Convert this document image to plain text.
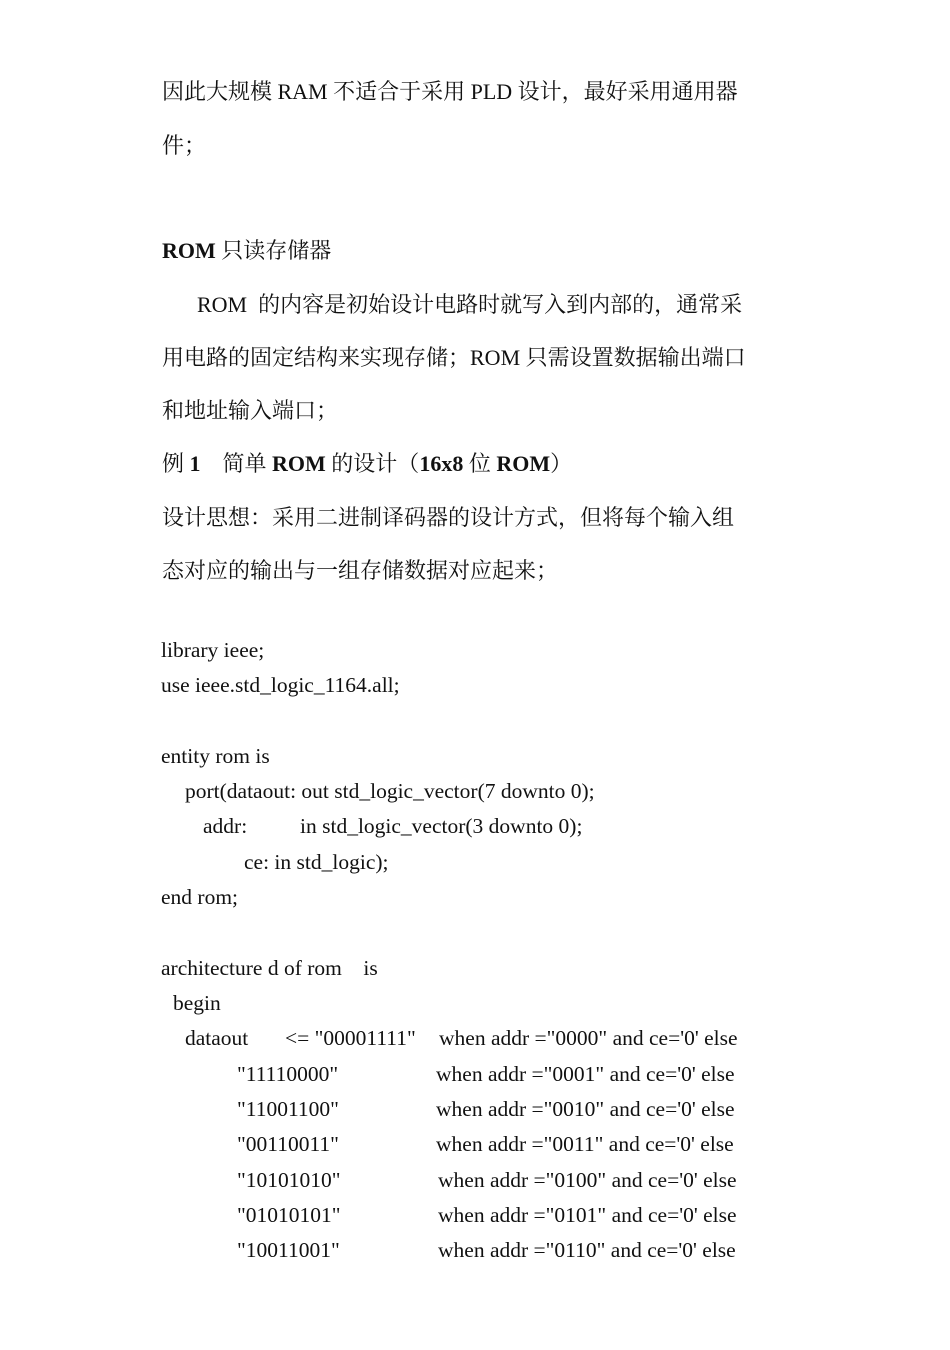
因此大规模 RAM 不适合于采用 PLD 设计，最好采用通用器
件；
ROM 只读存储器
ROM  的内容是初始设计电路时就写入到内部的，通常采
用电路的固定结构来实现存储；ROM 只需设置数据输出端口
和地址输入端口；
例 1    简单 ROM 的设计（16x8 位 ROM）
设计思想：采用二进制译码器的设计方式，但将每个输入组
态对应的输出与一组存储数据对应起来；
library ieee;
use ieee.std_logic_1164.all;
entity rom is
port(dataout: out std_logic_vector(7 downto 0);
addr: in std_logic_vector(3 downto 0);
ce: in std_logic);
end rom;
architecture d of rom    is
begin
dataout <= "00001111" when addr ="0000" and ce='0' else
"11110000"	when addr ="0001" and ce='0' else
"11001100"	when addr ="0010" and ce='0' else
"00110011"	when addr ="0011" and ce='0' else
"10101010"	when addr ="0100" and ce='0' else
"01010101"	when addr ="0101" and ce='0' else
"10011001"	when addr ="0110" and ce='0' else
